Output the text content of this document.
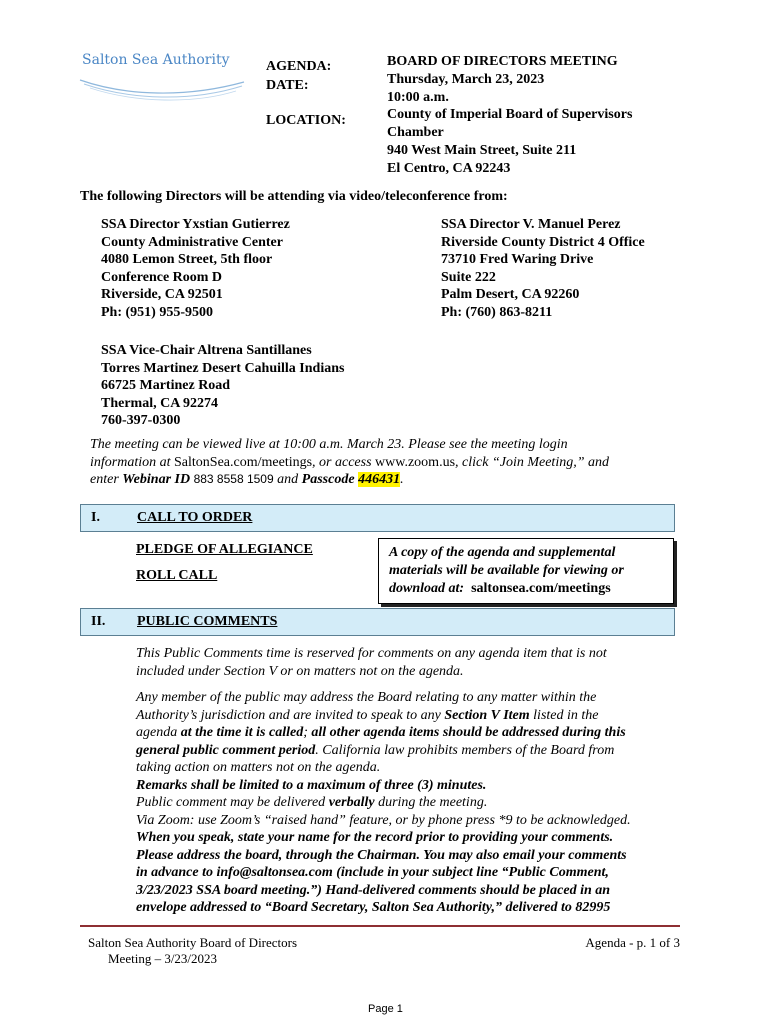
Salton Sea Authority	AGENDA:
DATE:
LOCATION:
BOARD OF DIRECTORS MEETING
Thursday, March 23, 2023
10:00 a.m.
County of Imperial Board of Supervisors
Chamber
940 West Main Street, Suite 211
El Centro, CA 92243
The following Directors will be attending via video/teleconference from:
SSA Director Yxstian Gutierrez
County Administrative Center
4080 Lemon Street, 5th floor
Conference Room D
Riverside, CA 92501
Ph: (951) 955-9500
SSA Director V. Manuel Perez
Riverside County District 4 Office
73710 Fred Waring Drive
Suite 222
Palm Desert, CA 92260
Ph: (760) 863-8211
SSA Vice-Chair Altrena Santillanes
Torres Martinez Desert Cahuilla Indians
66725 Martinez Road
Thermal, CA 92274
760-397-0300
The meeting can be viewed live at 10:00 a.m. March 23. Please see the meeting login
information at SaltonSea.com/meetings, or access www.zoom.us, click “Join Meeting,” and
enter Webinar ID 883 8558 1509 and Passcode 446431.
I.	CALL TO ORDER
PLEDGE OF ALLEGIANCE
ROLL CALL
A copy of the agenda and supplemental
materials will be available for viewing or
download at: saltonsea.com/meetings
II. PUBLIC COMMENTS
This Public Comments time is reserved for comments on any agenda item that is not
included under Section V or on matters not on the agenda.
Any member of the public may address the Board relating to any matter within the
Authority’s jurisdiction and are invited to speak to any Section V Item listed in the
agenda at the time it is called; all other agenda items should be addressed during this
general public comment period. California law prohibits members of the Board from
taking action on matters not on the agenda.
Remarks shall be limited to a maximum of three (3) minutes.
Public comment may be delivered verbally during the meeting.
Via Zoom: use Zoom’s “raised hand” feature, or by phone press *9 to be acknowledged.
When you speak, state your name for the record prior to providing your comments.
Please address the board, through the Chairman. You may also email your comments
in advance to info@saltonsea.com (include in your subject line “Public Comment,
3/23/2023 SSA board meeting.”) Hand-delivered comments should be placed in an
envelope addressed to “Board Secretary, Salton Sea Authority,” delivered to 82995
Salton Sea Authority Board of Directors
Meeting – 3/23/2023
Agenda - p. 1 of 3
Page 1
